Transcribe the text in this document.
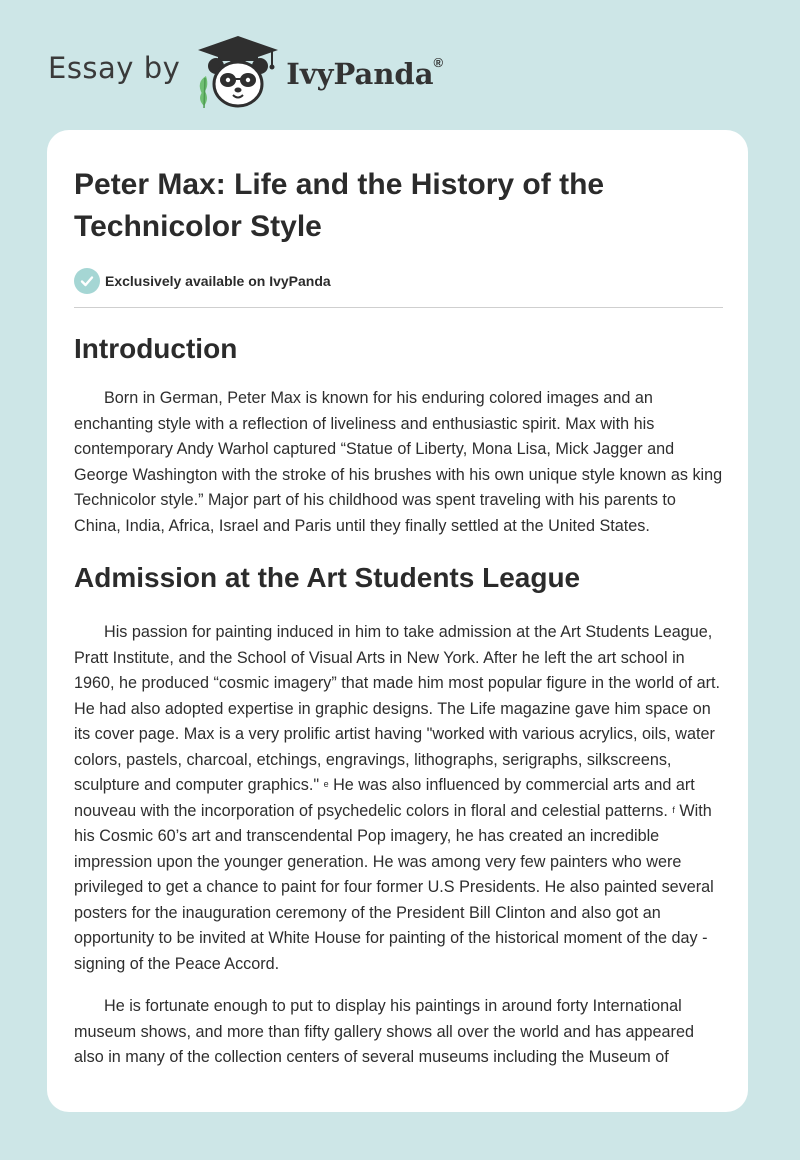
Essay by	IvyPanda®
Peter Max: Life and the History of the Technicolor Style
Exclusively available on IvyPanda
Introduction

Born in German, Peter Max is known for his enduring colored images and an enchanting style with a reflection of liveliness and enthusiastic spirit. Max with his contemporary Andy Warhol captured “Statue of Liberty, Mona Lisa, Mick Jagger and George Washington with the stroke of his brushes with his own unique style known as king Technicolor style.” Major part of his childhood was spent traveling with his parents to China, India, Africa, Israel and Paris until they finally settled at the United States.

Admission at the Art Students League

His passion for painting induced in him to take admission at the Art Students League, Pratt Institute, and the School of Visual Arts in New York. After he left the art school in 1960, he produced “cosmic imagery” that made him most popular figure in the world of art. He had also adopted expertise in graphic designs. The Life magazine gave him space on its cover page. Max is a very prolific artist having "worked with various acrylics, oils, water colors, pastels, charcoal, etchings, engravings, lithographs, serigraphs, silkscreens, sculpture and computer graphics." $^e$ He was also influenced by commercial arts and art nouveau with the incorporation of psychedelic colors in floral and celestial patterns. $^f$ With his Cosmic 60’s art and transcendental Pop imagery, he has created an incredible impression upon the younger generation. He was among very few painters who were privileged to get a chance to paint for four former U.S Presidents. He also painted several posters for the inauguration ceremony of the President Bill Clinton and also got an opportunity to be invited at White House for painting of the historical moment of the day - signing of the Peace Accord.

He is fortunate enough to put to display his paintings in around forty International museum shows, and more than fifty gallery shows all over the world and has appeared also in many of the collection centers of several museums including the Museum of
